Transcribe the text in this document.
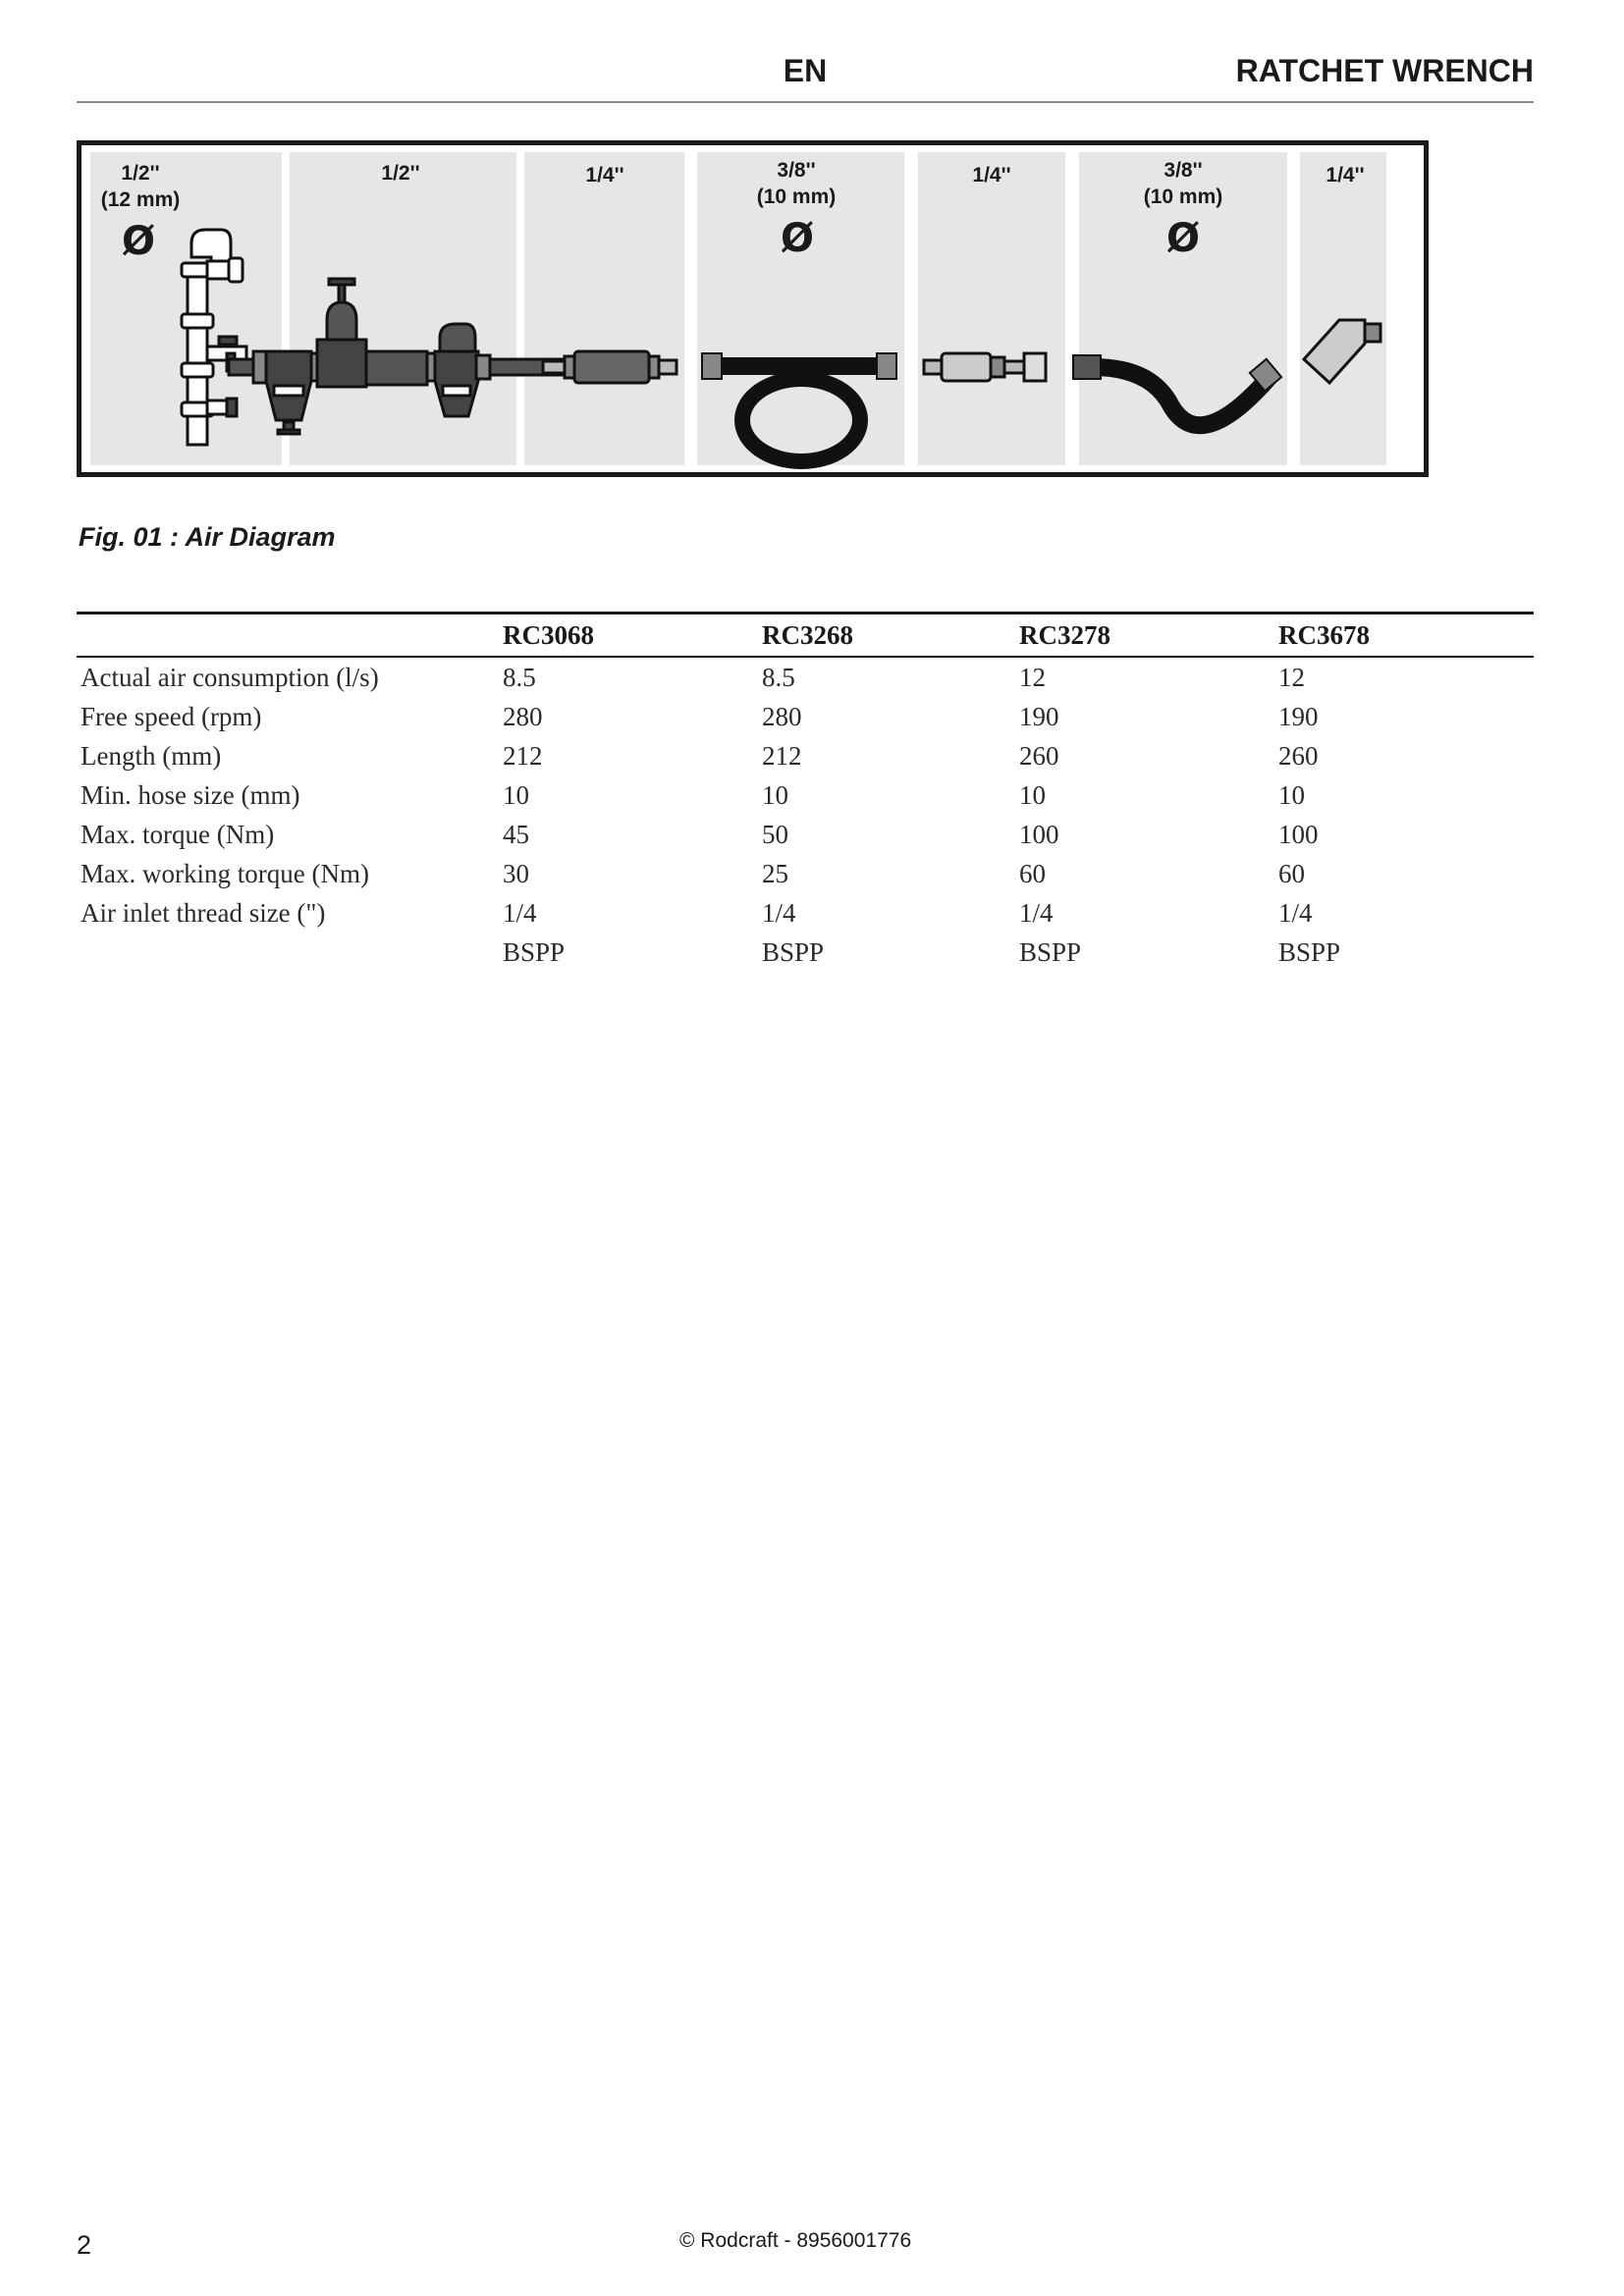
EN	RATCHET WRENCH
1/2''
(12 mm)
Ø
1/2''	1/4''	3/8''
(10 mm)
Ø
1/4''	3/8''
(10 mm)
Ø
1/4''
Fig. 01 : Air Diagram
	RC3068	RC3268	RC3278	RC3678
Actual air consumption (l/s)	8.5	8.5	12	12
Free speed (rpm)	280	280	190	190
Length (mm)	212	212	260	260
Min. hose size (mm)	10	10	10	10
Max. torque (Nm)	45	50	100	100
Max. working torque (Nm)	30	25	60	60
Air inlet thread size (")	1/4	1/4	1/4	1/4
	BSPP	BSPP	BSPP	BSPP
2	© Rodcraft - 8956001776
